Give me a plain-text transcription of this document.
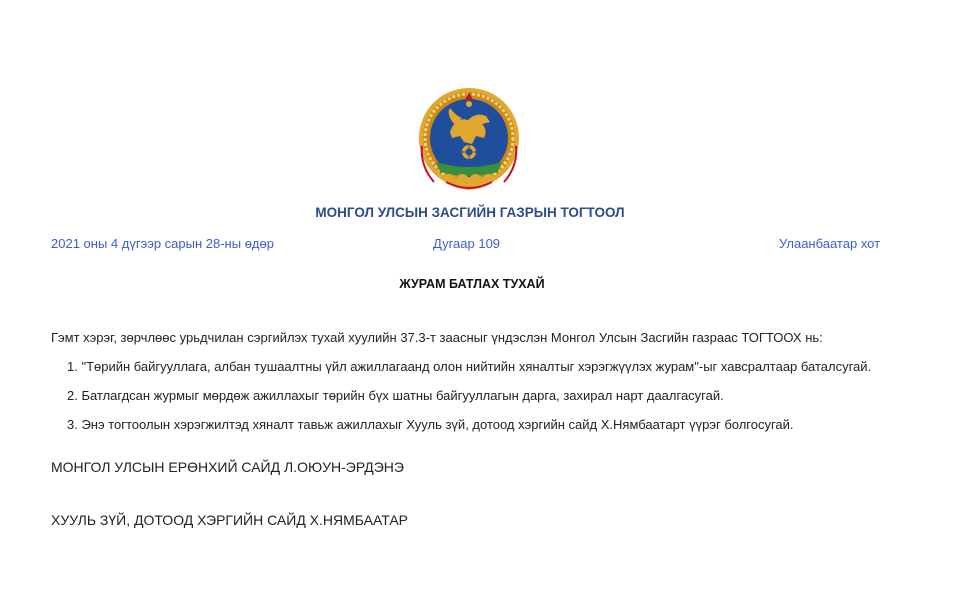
МОНГОЛ УЛСЫН ЗАСГИЙН ГАЗРЫН ТОГТООЛ
2021 оны 4 дүгээр сарын 28-ны өдөр	Дугаар 109	Улаанбаатар хот
ЖУРАМ БАТЛАХ ТУХАЙ
Гэмт хэрэг, зөрчлөөс урьдчилан сэргийлэх тухай хуулийн 37.3-т заасныг үндэслэн Монгол Улсын Засгийн газраас ТОГТООХ нь:
1. "Төрийн байгууллага, албан тушаалтны үйл ажиллагаанд олон нийтийн хяналтыг хэрэгжүүлэх журам"-ыг хавсралтаар баталсугай.
2. Батлагдсан журмыг мөрдөж ажиллахыг төрийн бүх шатны байгууллагын дарга, захирал нарт даалгасугай.
3. Энэ тогтоолын хэрэгжилтэд хяналт тавьж ажиллахыг Хууль зүй, дотоод хэргийн сайд Х.Нямбаатарт үүрэг болгосугай.
МОНГОЛ УЛСЫН ЕРӨНХИЙ САЙД Л.ОЮУН-ЭРДЭНЭ
ХУУЛЬ ЗҮЙ, ДОТООД ХЭРГИЙН САЙД Х.НЯМБААТАР
